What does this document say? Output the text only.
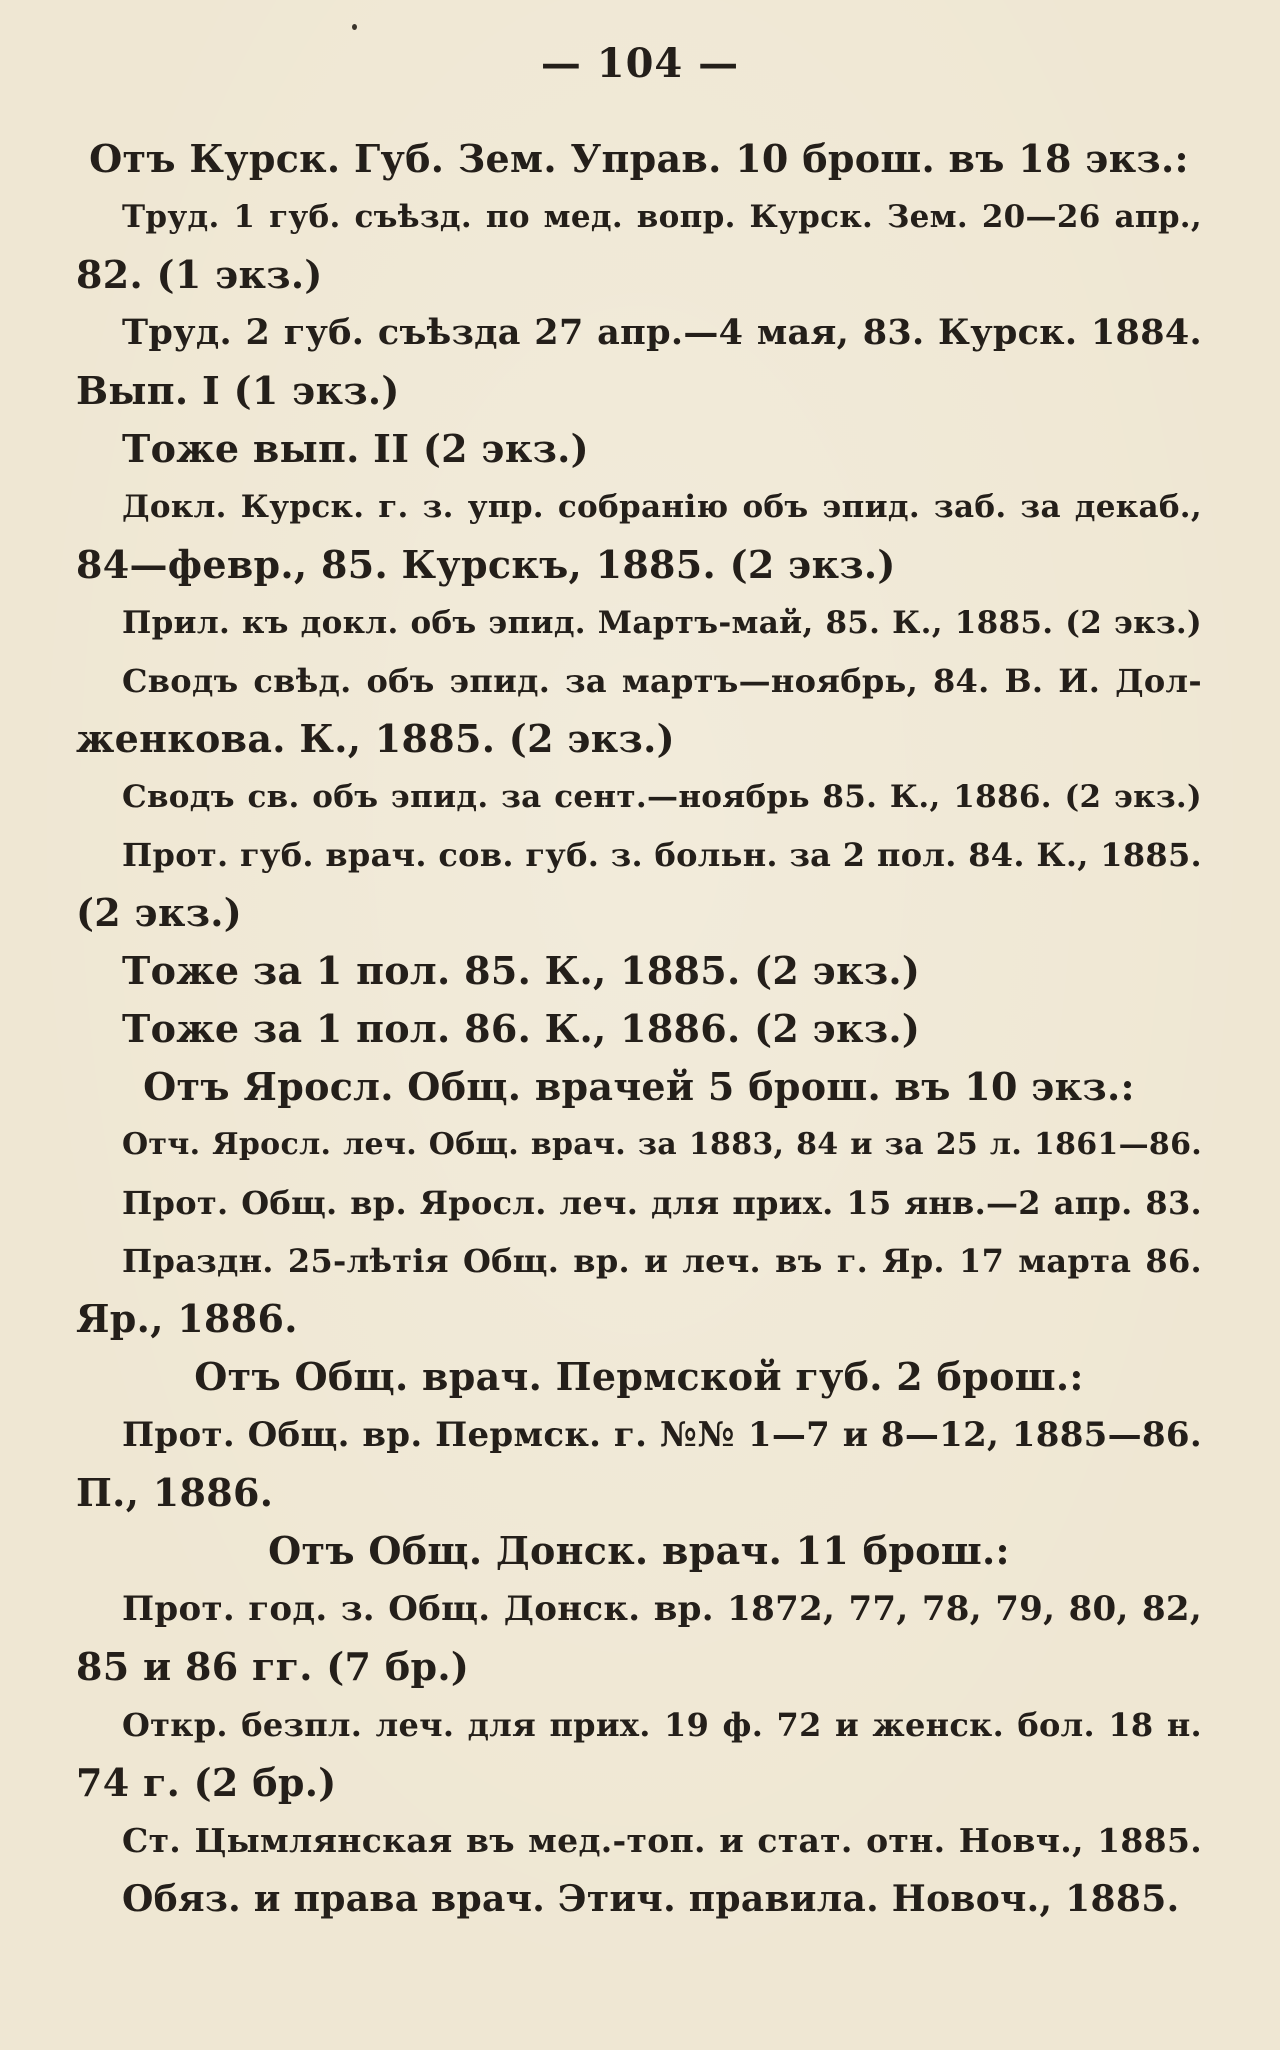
— 104 —
Отъ Курск. Губ. Зем. Управ. 10 брош. въ 18 экз.:
Труд. 1 губ. съѣзд. по мед. вопр. Курск. Зем. 20—26 апр.,
82. (1 экз.)
Труд. 2 губ. съѣзда 27 апр.—4 мая, 83. Курск. 1884.
Вып. I (1 экз.)
Тоже вып. II (2 экз.)
Докл. Курск. г. з. упр. собранію объ эпид. заб. за декаб.,
84—февр., 85. Курскъ, 1885. (2 экз.)
Прил. къ докл. объ эпид. Мартъ-май, 85. К., 1885. (2 экз.)
Сводъ свѣд. объ эпид. за мартъ—ноябрь, 84. В. И. Дол-
женкова. К., 1885. (2 экз.)
Сводъ св. объ эпид. за сент.—ноябрь 85. К., 1886. (2 экз.)
Прот. губ. врач. сов. губ. з. больн. за 2 пол. 84. К., 1885.
(2 экз.)
Тоже за 1 пол. 85. К., 1885. (2 экз.)
Тоже за 1 пол. 86. К., 1886. (2 экз.)
Отъ Яросл. Общ. врачей 5 брош. въ 10 экз.:
Отч. Яросл. леч. Общ. врач. за 1883, 84 и за 25 л. 1861—86.
Прот. Общ. вр. Яросл. леч. для прих. 15 янв.—2 апр. 83.
Праздн. 25-лѣтія Общ. вр. и леч. въ г. Яр. 17 марта 86.
Яр., 1886.
Отъ Общ. врач. Пермской губ. 2 брош.:
Прот. Общ. вр. Пермск. г. №№ 1—7 и 8—12, 1885—86.
П., 1886.
Отъ Общ. Донск. врач. 11 брош.:
Прот. год. з. Общ. Донск. вр. 1872, 77, 78, 79, 80, 82,
85 и 86 гг. (7 бр.)
Откр. безпл. леч. для прих. 19 ф. 72 и женск. бол. 18 н.
74 г. (2 бр.)
Ст. Цымлянская въ мед.-топ. и стат. отн. Новч., 1885.
Обяз. и права врач. Этич. правила. Новоч., 1885.
